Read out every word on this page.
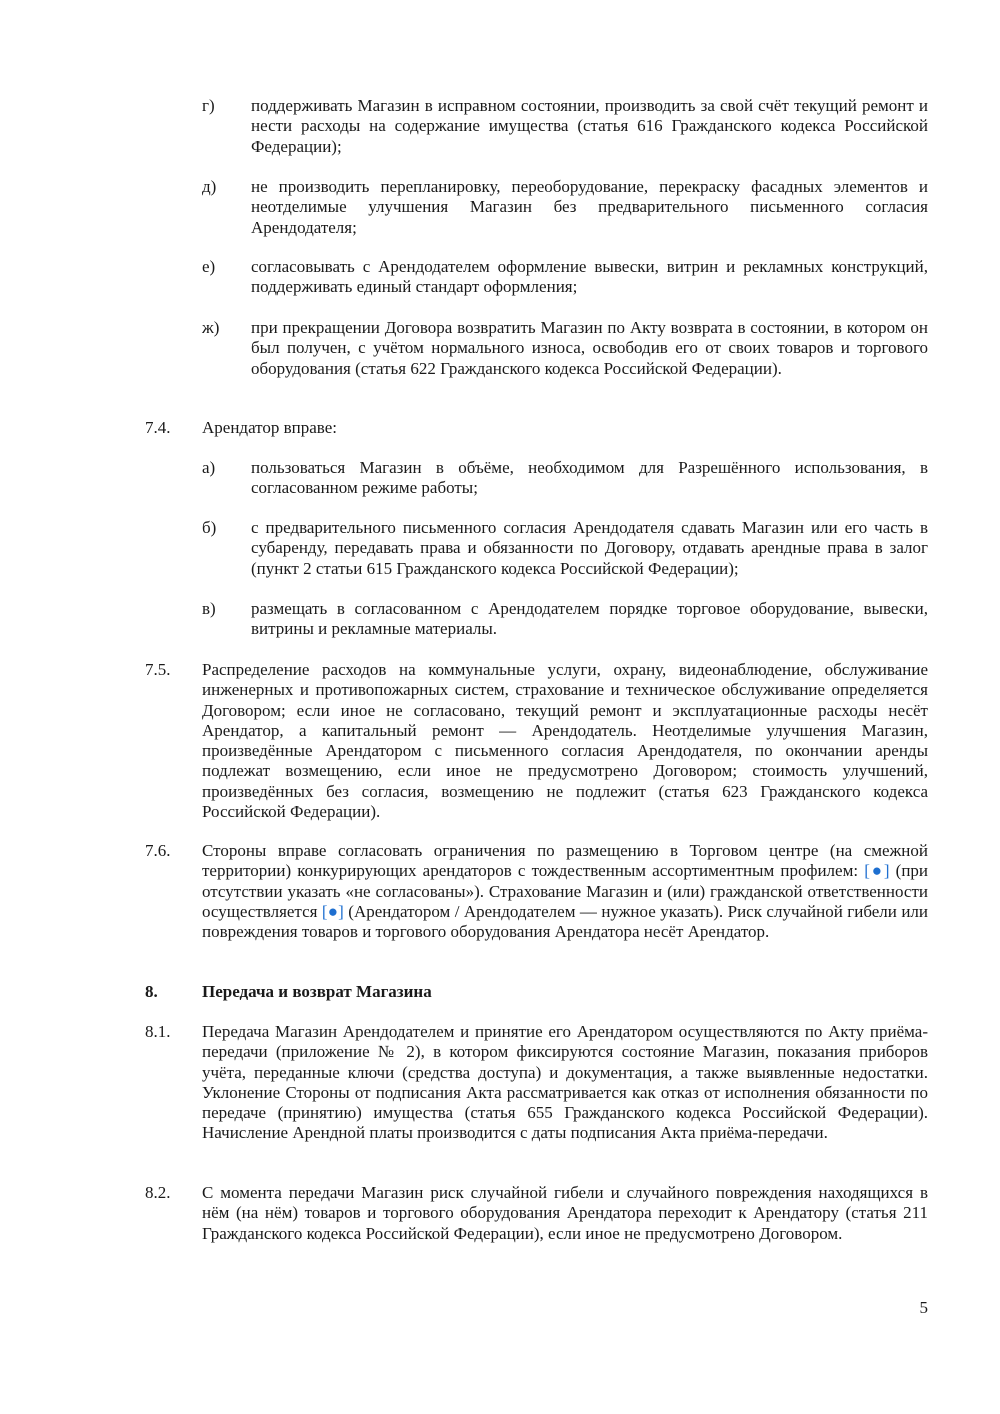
г) поддерживать Магазин в исправном состоянии, производить за свой счёт текущий ремонт и нести расходы на содержание имущества (статья 616 Гражданского кодекса Российской Федерации);
д) не производить перепланировку, переоборудование, перекраску фасадных элементов и неотделимые улучшения Магазин без предварительного письменного согласия Арендодателя;
е) согласовывать с Арендодателем оформление вывески, витрин и рекламных конструкций, поддерживать единый стандарт оформления;
ж) при прекращении Договора возвратить Магазин по Акту возврата в состоянии, в котором он был получен, с учётом нормального износа, освободив его от своих товаров и торгового оборудования (статья 622 Гражданского кодекса Российской Федерации).
7.4. Арендатор вправе:
а) пользоваться Магазин в объёме, необходимом для Разрешённого использования, в согласованном режиме работы;
б) с предварительного письменного согласия Арендодателя сдавать Магазин или его часть в субаренду, передавать права и обязанности по Договору, отдавать арендные права в залог (пункт 2 статьи 615 Гражданского кодекса Российской Федерации);
в) размещать в согласованном с Арендодателем порядке торговое оборудование, вывески, витрины и рекламные материалы.
7.5. Распределение расходов на коммунальные услуги, охрану, видеонаблюдение, обслуживание инженерных и противопожарных систем, страхование и техническое обслуживание определяется Договором; если иное не согласовано, текущий ремонт и эксплуатационные расходы несёт Арендатор, а капитальный ремонт — Арендодатель. Неотделимые улучшения Магазин, произведённые Арендатором с письменного согласия Арендодателя, по окончании аренды подлежат возмещению, если иное не предусмотрено Договором; стоимость улучшений, произведённых без согласия, возмещению не подлежит (статья 623 Гражданского кодекса Российской Федерации).
7.6. Стороны вправе согласовать ограничения по размещению в Торговом центре (на смежной территории) конкурирующих арендаторов с тождественным ассортиментным профилем: [●] (при отсутствии указать «не согласованы»). Страхование Магазин и (или) гражданской ответственности осуществляется [●] (Арендатором / Арендодателем — нужное указать). Риск случайной гибели или повреждения товаров и торгового оборудования Арендатора несёт Арендатор.
8.	Передача и возврат Магазина
8.1. Передача Магазин Арендодателем и принятие его Арендатором осуществляются по Акту приёма-передачи (приложение № 2), в котором фиксируются состояние Магазин, показания приборов учёта, переданные ключи (средства доступа) и документация, а также выявленные недостатки. Уклонение Стороны от подписания Акта рассматривается как отказ от исполнения обязанности по передаче (принятию) имущества (статья 655 Гражданского кодекса Российской Федерации). Начисление Арендной платы производится с даты подписания Акта приёма-передачи.
8.2. С момента передачи Магазин риск случайной гибели и случайного повреждения находящихся в нём (на нём) товаров и торгового оборудования Арендатора переходит к Арендатору (статья 211 Гражданского кодекса Российской Федерации), если иное не предусмотрено Договором.
5
